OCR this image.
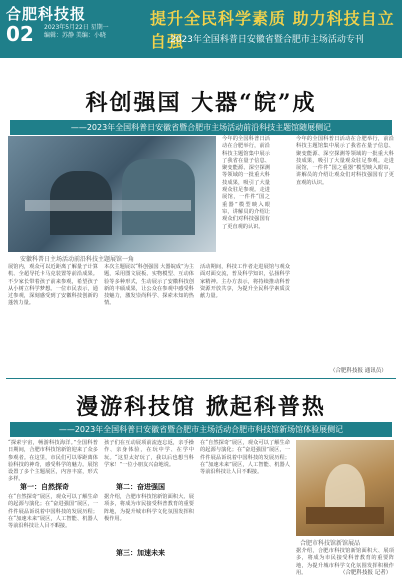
合肥科技报
02 2023年5月22日 星期一
编辑：苏静 美编：小晓
提升全民科学素质 助力科技自立自强
2023年全国科普日安徽省暨合肥市主场活动专刊
科创强国 大器“皖”成
——2023年全国科普日安徽省暨合肥市主场活动前沿科技主题馆随展侧记
安徽科普日主场活动前沿科技主题展馆一角
今年的全国科普日活动在合肥举行，前沿科技主题馆集中展示了我省在量子信息、聚变能源、深空探测等领域的一批重大科技成果，吸引了大量观众驻足参观。走进展馆，一件件“国之重器”模型映入眼帘，讲解员的介绍让观众们对科技强国有了更直观的认识。
展馆内，观众可以近距离了解量子计算机、全超导托卡马克装置等前沿成果。不少家长带着孩子前来参观，希望孩子从小树立科学梦想。一位市民表示，通过参观，深刻感受到了安徽科技创新的蓬勃力量。
本次主题展以“科创强国 大器皖成”为主题，采用图文展板、实物模型、互动体验等多种形式，生动展示了安徽科技创新的丰硕成果，让公众在参观中感受科技魅力，激发崇尚科学、探索未知的热情。
活动期间，科技工作者走进展馆与观众面对面交流，普及科学知识，弘扬科学家精神。主办方表示，将持续推动科普资源开放共享，为提升全民科学素质贡献力量。
今年的全国科普日活动在合肥举行，前沿科技主题馆集中展示了我省在量子信息、聚变能源、深空探测等领域的一批重大科技成果，吸引了大量观众驻足参观。走进展馆，一件件“国之重器”模型映入眼帘，讲解员的介绍让观众们对科技强国有了更直观的认识。
（合肥科技报 通讯员）
漫游科技馆 掀起科普热
——2023年全国科普日安徽省暨合肥市主场活动合肥市科技馆新场馆体验展侧记
“探索宇宙，畅游科技海洋。”全国科普日期间，合肥市科技馆新馆迎来了众多参观者。在这里，市民们可以零距离体验科技的神奇，感受科学的魅力。展馆设置了多个主题展区，内容丰富，形式多样。
第一：自然探奇
在“自然探奇”展区，观众可以了解生命的起源与演化；在“奋进强国”展区，一件件展品诉说着中国科技的发展历程；在“加速未来”展区，人工智能、机器人等前沿科技让人目不暇接。
孩子们在互动展项前流连忘返，亲手操作、亲身体验，在玩中学、在学中玩。“这里太好玩了，我以后也想当科学家！”一位小朋友兴奋地说。
第二：奋进强国
据介绍，合肥市科技馆新馆面积大、展项多，将成为市民接受科普教育的重要阵地，为提升城市科学文化氛围发挥积极作用。
第三：加速未来
在“自然探奇”展区，观众可以了解生命的起源与演化；在“奋进强国”展区，一件件展品诉说着中国科技的发展历程；在“加速未来”展区，人工智能、机器人等前沿科技让人目不暇接。
合肥市科技馆新馆展品
据介绍，合肥市科技馆新馆面积大、展项多，将成为市民接受科普教育的重要阵地，为提升城市科学文化氛围发挥积极作用。	（合肥科技报 记者）
